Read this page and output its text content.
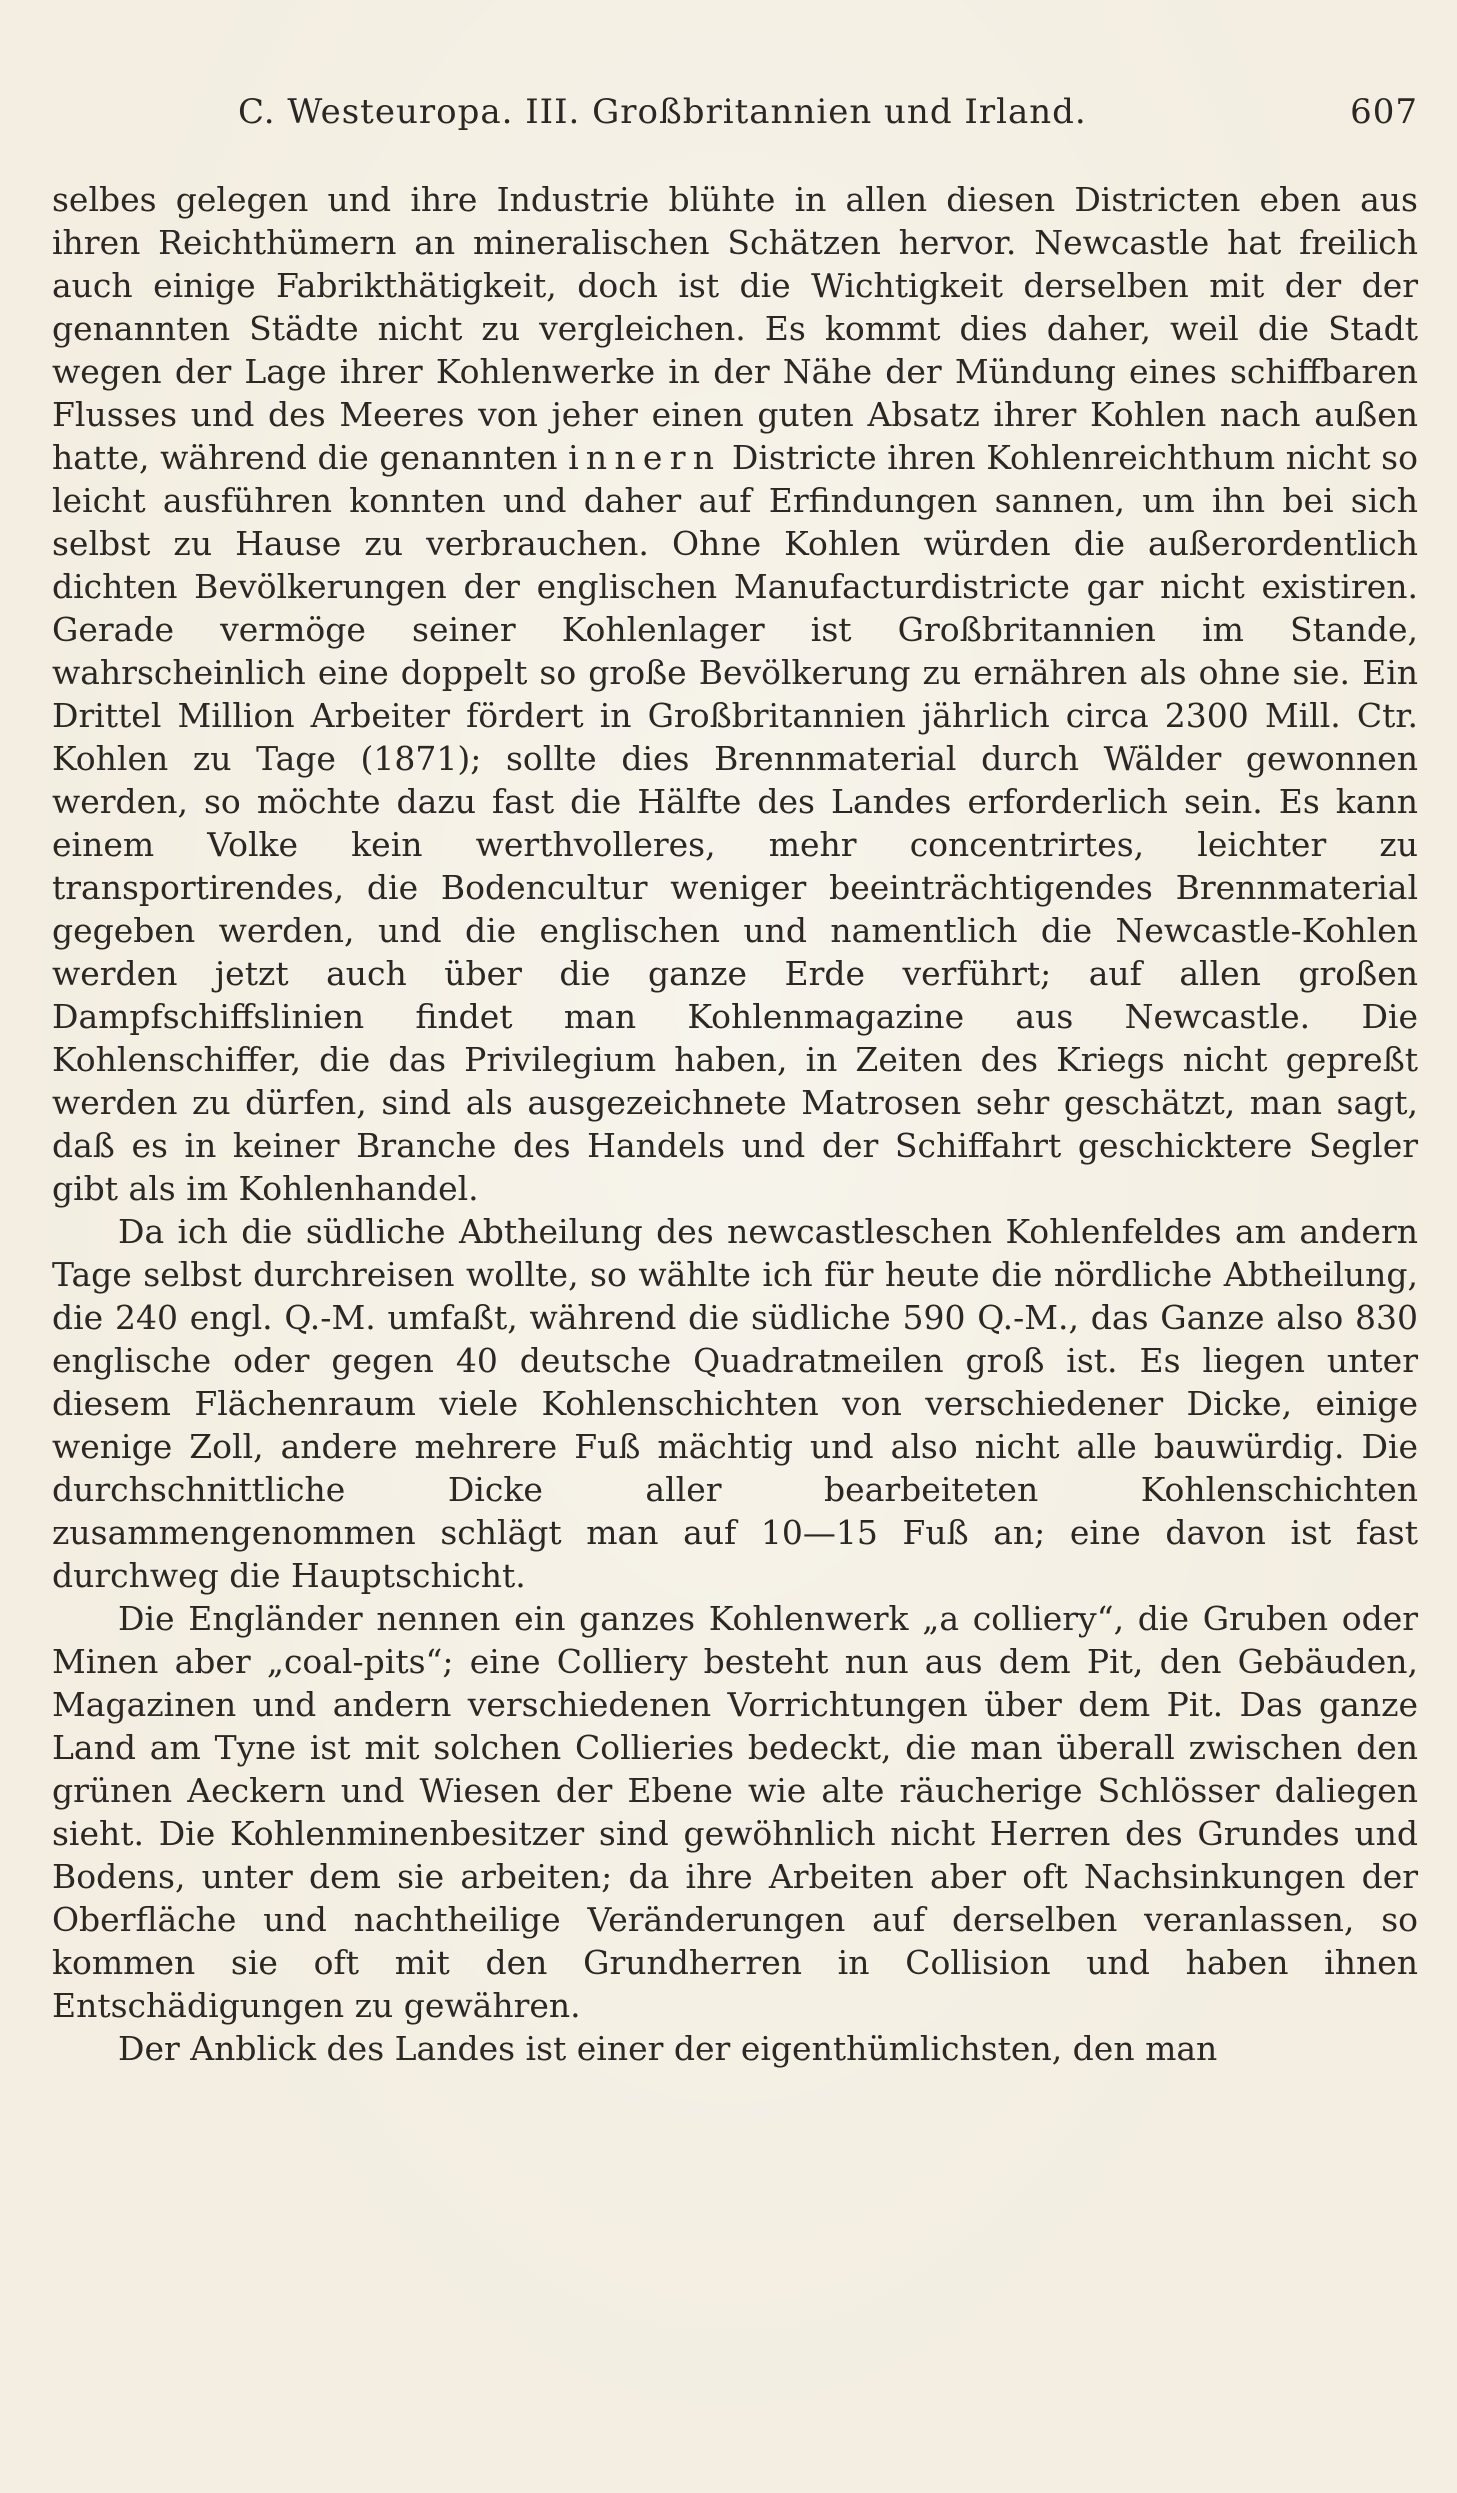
C. Westeuropa. III. Großbritannien und Irland.	607

selbes gelegen und ihre Industrie blühte in allen diesen Districten eben aus ihren Reichthümern an mineralischen Schätzen hervor. Newcastle hat freilich auch einige Fabrikthätigkeit, doch ist die Wichtigkeit derselben mit der der genannten Städte nicht zu vergleichen. Es kommt dies daher, weil die Stadt wegen der Lage ihrer Kohlenwerke in der Nähe der Mündung eines schiffbaren Flusses und des Meeres von jeher einen guten Absatz ihrer Kohlen nach außen hatte, während die genannten innern Districte ihren Kohlenreichthum nicht so leicht ausführen konnten und daher auf Erfindungen sannen, um ihn bei sich selbst zu Hause zu verbrauchen. Ohne Kohlen würden die außerordentlich dichten Bevölkerungen der englischen Manufacturdistricte gar nicht existiren. Gerade vermöge seiner Kohlenlager ist Großbritannien im Stande, wahrscheinlich eine doppelt so große Bevölkerung zu ernähren als ohne sie. Ein Drittel Million Arbeiter fördert in Großbritannien jährlich circa 2300 Mill. Ctr. Kohlen zu Tage (1871); sollte dies Brennmaterial durch Wälder gewonnen werden, so möchte dazu fast die Hälfte des Landes erforderlich sein. Es kann einem Volke kein werthvolleres, mehr concentrirtes, leichter zu transportirendes, die Bodencultur weniger beeinträchtigendes Brennmaterial gegeben werden, und die englischen und namentlich die Newcastle-Kohlen werden jetzt auch über die ganze Erde verführt; auf allen großen Dampfschiffslinien findet man Kohlenmagazine aus Newcastle. Die Kohlenschiffer, die das Privilegium haben, in Zeiten des Kriegs nicht gepreßt werden zu dürfen, sind als ausgezeichnete Matrosen sehr geschätzt, man sagt, daß es in keiner Branche des Handels und der Schiffahrt geschicktere Segler gibt als im Kohlenhandel.

Da ich die südliche Abtheilung des newcastleschen Kohlenfeldes am andern Tage selbst durchreisen wollte, so wählte ich für heute die nördliche Abtheilung, die 240 engl. Q.-M. umfaßt, während die südliche 590 Q.-M., das Ganze also 830 englische oder gegen 40 deutsche Quadratmeilen groß ist. Es liegen unter diesem Flächenraum viele Kohlenschichten von verschiedener Dicke, einige wenige Zoll, andere mehrere Fuß mächtig und also nicht alle bauwürdig. Die durchschnittliche Dicke aller bearbeiteten Kohlenschichten zusammengenommen schlägt man auf 10—15 Fuß an; eine davon ist fast durchweg die Hauptschicht.

Die Engländer nennen ein ganzes Kohlenwerk „a colliery“, die Gruben oder Minen aber „coal-pits“; eine Colliery besteht nun aus dem Pit, den Gebäuden, Magazinen und andern verschiedenen Vorrichtungen über dem Pit. Das ganze Land am Tyne ist mit solchen Collieries bedeckt, die man überall zwischen den grünen Aeckern und Wiesen der Ebene wie alte räucherige Schlösser daliegen sieht. Die Kohlenminenbesitzer sind gewöhnlich nicht Herren des Grundes und Bodens, unter dem sie arbeiten; da ihre Arbeiten aber oft Nachsinkungen der Oberfläche und nachtheilige Veränderungen auf derselben veranlassen, so kommen sie oft mit den Grundherren in Collision und haben ihnen Entschädigungen zu gewähren.

Der Anblick des Landes ist einer der eigenthümlichsten, den man
